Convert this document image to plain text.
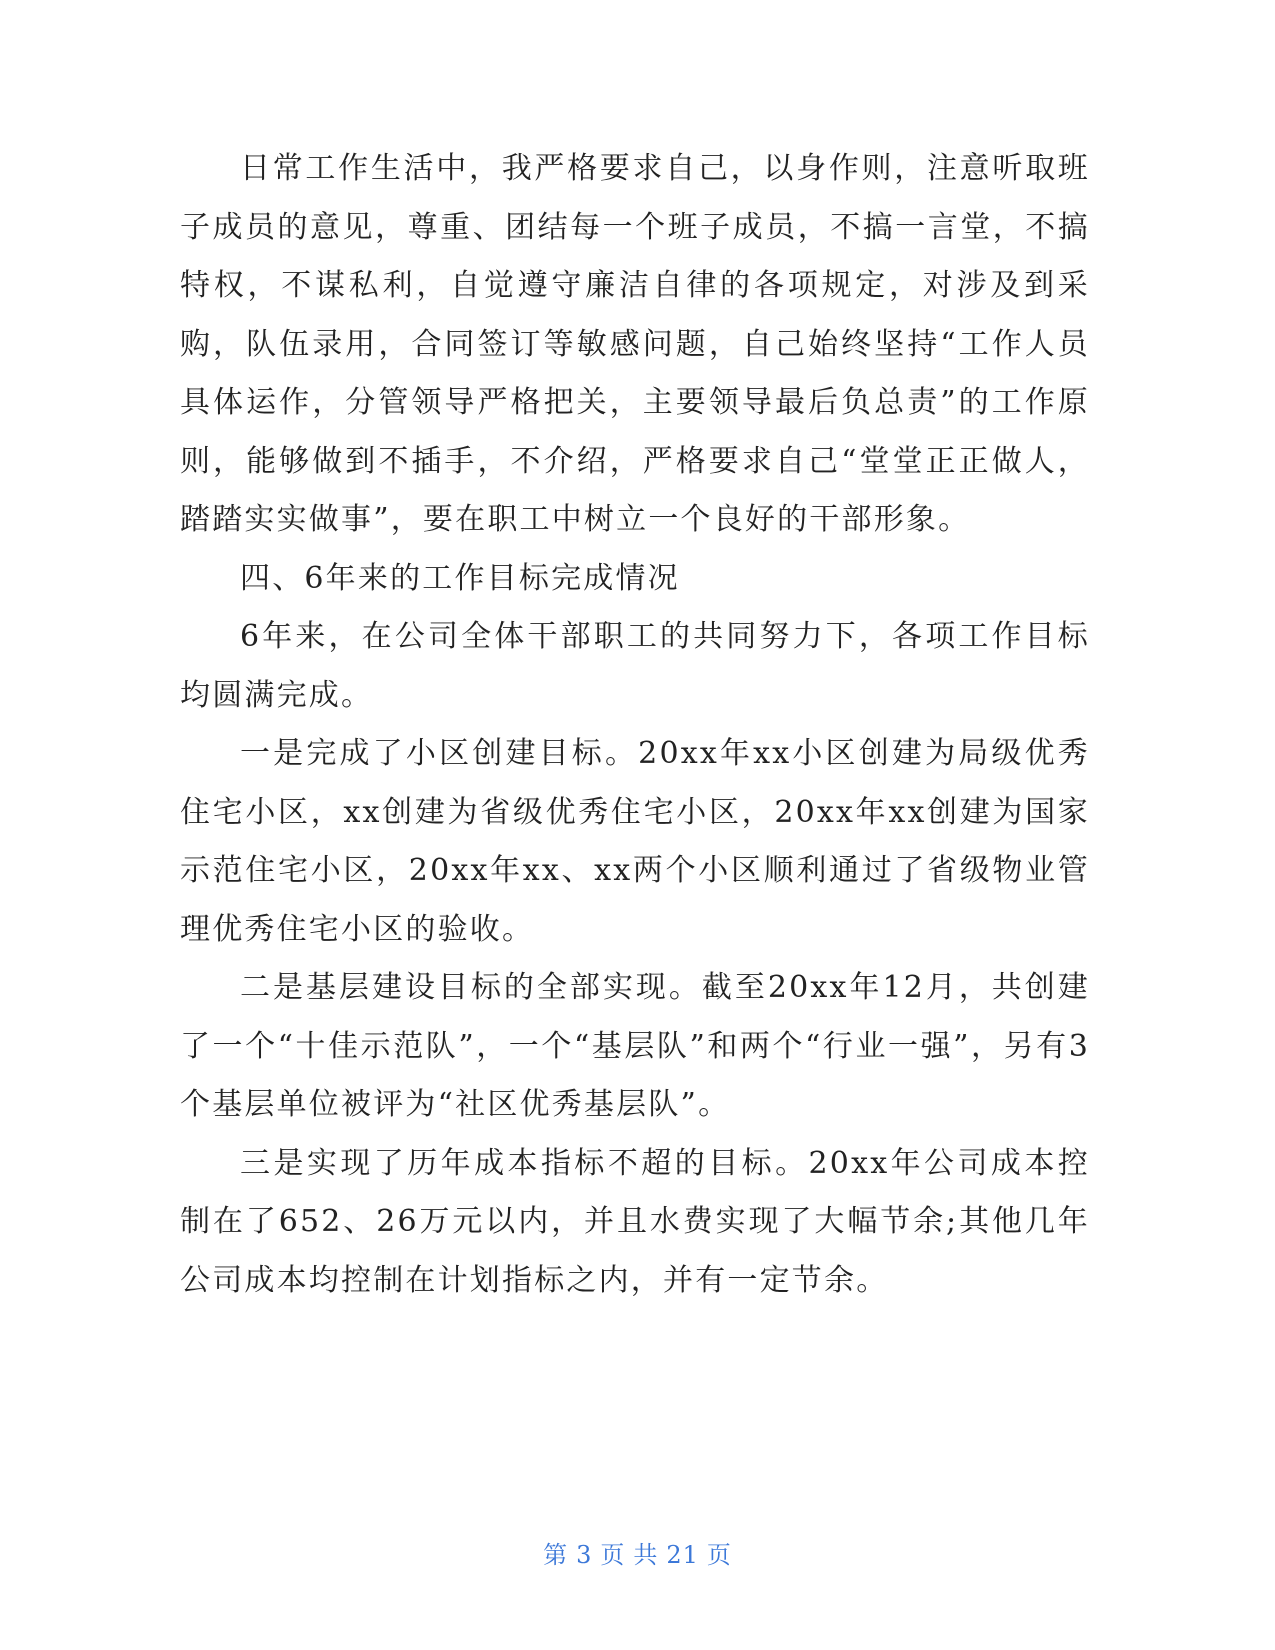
日常工作生活中，我严格要求自己，以身作则，注意听取班子成员的意见，尊重、团结每一个班子成员，不搞一言堂，不搞特权，不谋私利，自觉遵守廉洁自律的各项规定，对涉及到采购，队伍录用，合同签订等敏感问题，自己始终坚持“工作人员具体运作，分管领导严格把关，主要领导最后负总责”的工作原则，能够做到不插手，不介绍，严格要求自己“堂堂正正做人，踏踏实实做事”，要在职工中树立一个良好的干部形象。

四、6年来的工作目标完成情况

6年来，在公司全体干部职工的共同努力下，各项工作目标均圆满完成。

一是完成了小区创建目标。20xx年xx小区创建为局级优秀住宅小区，xx创建为省级优秀住宅小区，20xx年xx创建为国家示范住宅小区，20xx年xx、xx两个小区顺利通过了省级物业管理优秀住宅小区的验收。

二是基层建设目标的全部实现。截至20xx年12月，共创建了一个“十佳示范队”，一个“基层队”和两个“行业一强”，另有3个基层单位被评为“社区优秀基层队”。

三是实现了历年成本指标不超的目标。20xx年公司成本控制在了652、26万元以内，并且水费实现了大幅节余;其他几年公司成本均控制在计划指标之内，并有一定节余。

第 3 页 共 21 页
